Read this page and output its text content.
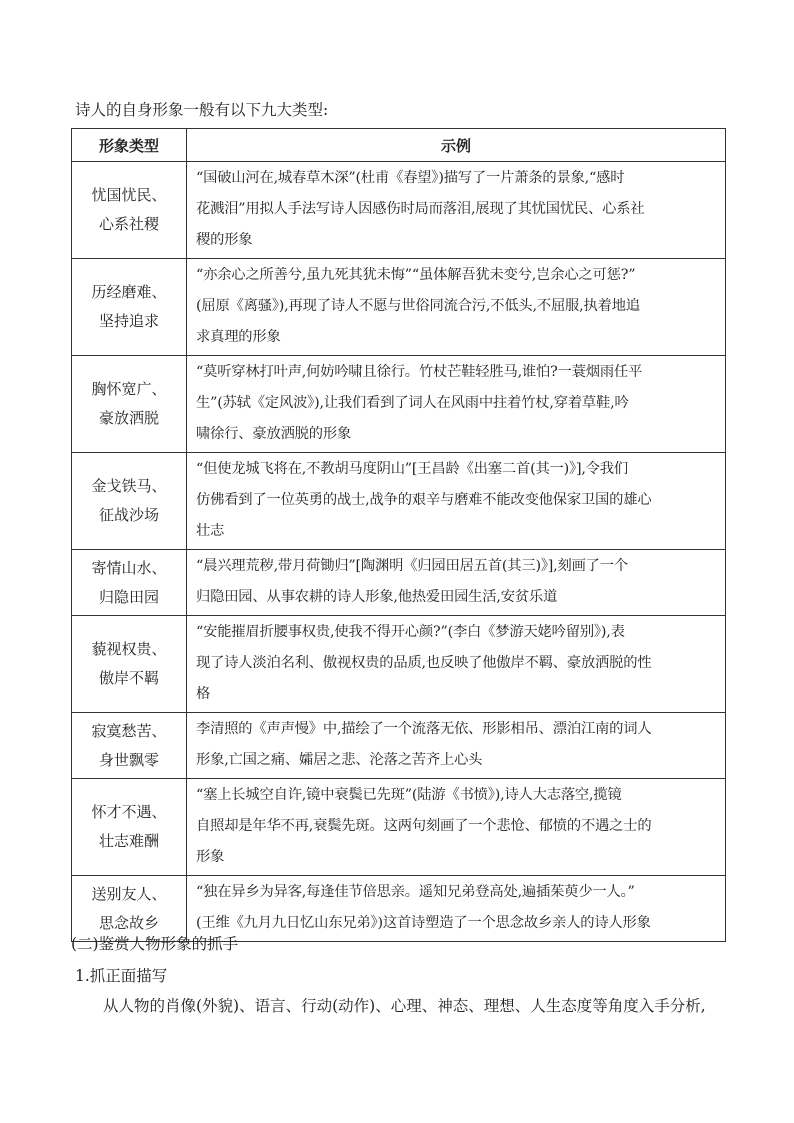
诗人的自身形象一般有以下九大类型:
形象类型	示例

忧国忧民、
心系社稷	“国破山河在,城春草木深”(杜甫《春望》)描写了一片萧条的景象,“感时
花溅泪”用拟人手法写诗人因感伤时局而落泪,展现了其忧国忧民、心系社
稷的形象

历经磨难、
坚持追求	“亦余心之所善兮,虽九死其犹未悔”“虽体解吾犹未变兮,岂余心之可惩?”
(屈原《离骚》),再现了诗人不愿与世俗同流合污,不低头,不屈服,执着地追
求真理的形象

胸怀宽广、
豪放洒脱	“莫听穿林打叶声,何妨吟啸且徐行。竹杖芒鞋轻胜马,谁怕?一蓑烟雨任平
生”(苏轼《定风波》),让我们看到了词人在风雨中拄着竹杖,穿着草鞋,吟
啸徐行、豪放洒脱的形象

金戈铁马、
征战沙场	“但使龙城飞将在,不教胡马度阴山”[王昌龄《出塞二首(其一)》],令我们
仿佛看到了一位英勇的战士,战争的艰辛与磨难不能改变他保家卫国的雄心
壮志

寄情山水、
归隐田园	“晨兴理荒秽,带月荷锄归”[陶渊明《归园田居五首(其三)》],刻画了一个
归隐田园、从事农耕的诗人形象,他热爱田园生活,安贫乐道

藐视权贵、
傲岸不羁	“安能摧眉折腰事权贵,使我不得开心颜?”(李白《梦游天姥吟留别》),表
现了诗人淡泊名利、傲视权贵的品质,也反映了他傲岸不羁、豪放洒脱的性
格

寂寞愁苦、
身世飘零	李清照的《声声慢》中,描绘了一个流落无依、形影相吊、漂泊江南的词人
形象,亡国之痛、孀居之悲、沦落之苦齐上心头

怀才不遇、
壮志难酬	“塞上长城空自许,镜中衰鬓已先斑”(陆游《书愤》),诗人大志落空,揽镜
自照却是年华不再,衰鬓先斑。这两句刻画了一个悲怆、郁愤的不遇之士的
形象

送别友人、
思念故乡	“独在异乡为异客,每逢佳节倍思亲。遥知兄弟登高处,遍插茱萸少一人。”
(王维《九月九日忆山东兄弟》)这首诗塑造了一个思念故乡亲人的诗人形象
(二)鉴赏人物形象的抓手
1.抓正面描写
从人物的肖像(外貌)、语言、行动(动作)、心理、神态、理想、人生态度等角度入手分析,
